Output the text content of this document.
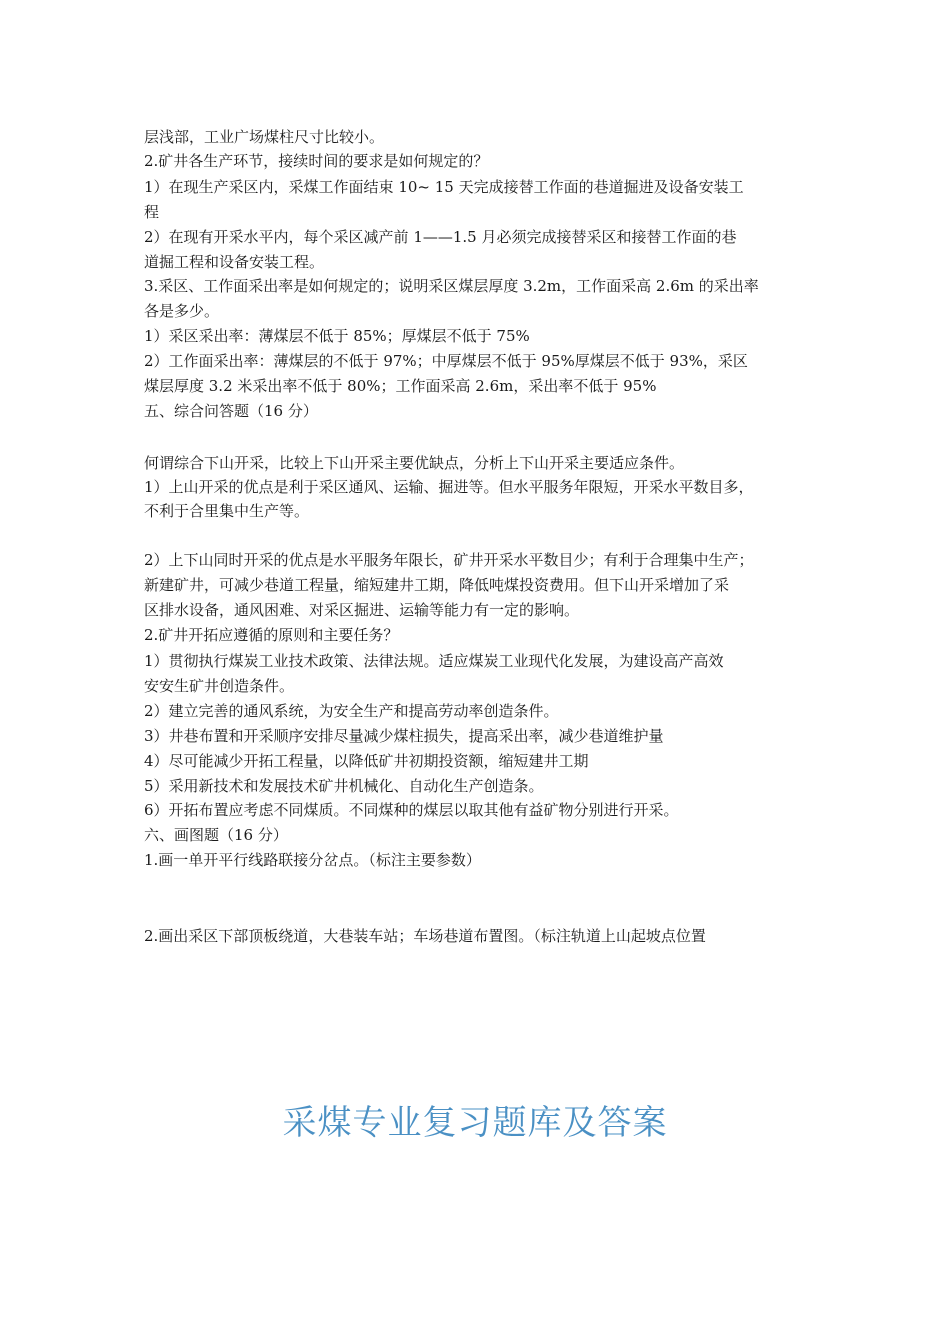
层浅部，工业广场煤柱尺寸比较小。
2.矿井各生产环节，接续时间的要求是如何规定的？
1）在现生产采区内，采煤工作面结束 10~ 15 天完成接替工作面的巷道掘进及设备安装工
程
2）在现有开采水平内，每个采区减产前 1——1.5 月必须完成接替采区和接替工作面的巷
道掘工程和设备安装工程。
3.采区、工作面采出率是如何规定的；说明采区煤层厚度 3.2m，工作面采高 2.6m 的采出率
各是多少。
1）采区采出率：薄煤层不低于 85%；厚煤层不低于 75%
2）工作面采出率：薄煤层的不低于 97%；中厚煤层不低于 95%厚煤层不低于 93%，采区
煤层厚度 3.2 米采出率不低于 80%；工作面采高 2.6m，采出率不低于 95%
五、综合问答题（16 分）
何谓综合下山开采，比较上下山开采主要优缺点，分析上下山开采主要适应条件。
1）上山开采的优点是利于采区通风、运输、掘进等。但水平服务年限短，开采水平数目多，
不利于合里集中生产等。
2）上下山同时开采的优点是水平服务年限长，矿井开采水平数目少；有利于合理集中生产；
新建矿井，可减少巷道工程量，缩短建井工期，降低吨煤投资费用。但下山开采增加了采
区排水设备，通风困难、对采区掘进、运输等能力有一定的影响。
2.矿井开拓应遵循的原则和主要任务？
1）贯彻执行煤炭工业技术政策、法律法规。适应煤炭工业现代化发展，为建设高产高效
安安生矿井创造条件。
2）建立完善的通风系统，为安全生产和提高劳动率创造条件。
3）井巷布置和开采顺序安排尽量减少煤柱损失，提高采出率，减少巷道维护量
4）尽可能减少开拓工程量，以降低矿井初期投资额，缩短建井工期
5）采用新技术和发展技术矿井机械化、自动化生产创造条。
6）开拓布置应考虑不同煤质。不同煤种的煤层以取其他有益矿物分别进行开采。
六、画图题（16 分）
1.画一单开平行线路联接分岔点。（标注主要参数）
2.画出采区下部顶板绕道，大巷装车站；车场巷道布置图。（标注轨道上山起坡点位置
采煤专业复习题库及答案
